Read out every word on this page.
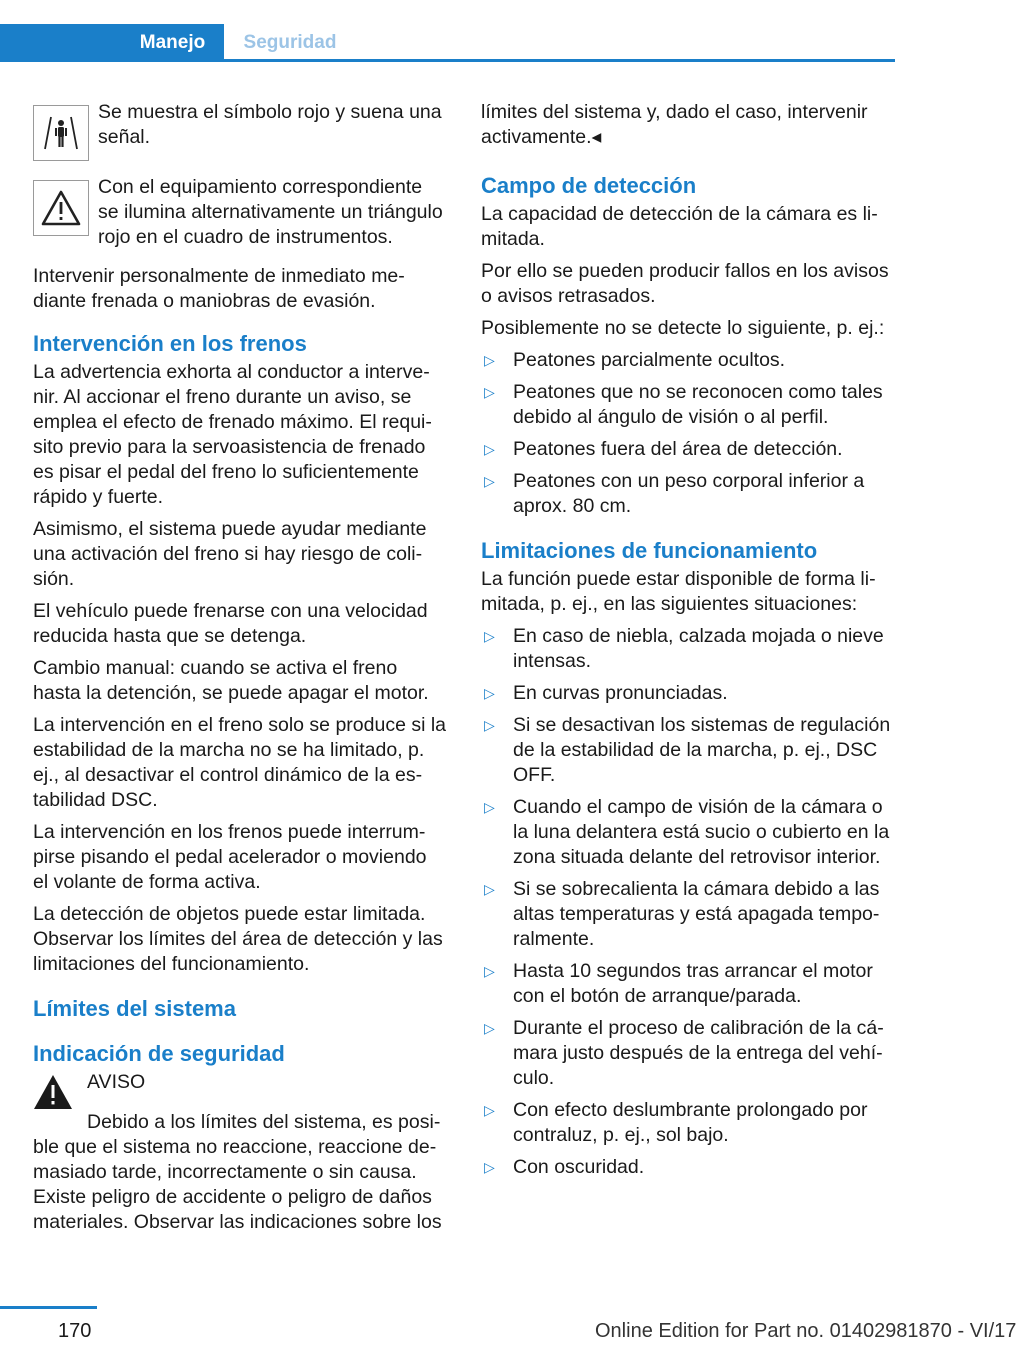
Manejo	Seguridad
Se muestra el símbolo rojo y suena una señal.
Con el equipamiento correspondiente se ilumina alternativamente un triángulo rojo en el cuadro de instrumentos.

Intervenir personalmente de inmediato mediante frenada o maniobras de evasión.

Intervención en los frenos

La advertencia exhorta al conductor a intervenir. Al accionar el freno durante un aviso, se emplea el efecto de frenado máximo. El requisito previo para la servoasistencia de frenado es pisar el pedal del freno lo suficientemente rápido y fuerte.

Asimismo, el sistema puede ayudar mediante una activación del freno si hay riesgo de colisión.

El vehículo puede frenarse con una velocidad reducida hasta que se detenga.

Cambio manual: cuando se activa el freno hasta la detención, se puede apagar el motor.

La intervención en el freno solo se produce si la estabilidad de la marcha no se ha limitado, p. ej., al desactivar el control dinámico de la estabilidad DSC.

La intervención en los frenos puede interrumpirse pisando el pedal acelerador o moviendo el volante de forma activa.

La detección de objetos puede estar limitada. Observar los límites del área de detección y las limitaciones del funcionamiento.

Límites del sistema
Indicación de seguridad
AVISO

Debido a los límites del sistema, es posible que el sistema no reaccione, reaccione demasiado tarde, incorrectamente o sin causa. Existe peligro de accidente o peligro de daños materiales. Observar las indicaciones sobre los

límites del sistema y, dado el caso, intervenir activamente.◂

Campo de detección

La capacidad de detección de la cámara es limitada.

Por ello se pueden producir fallos en los avisos o avisos retrasados.

Posiblemente no se detecte lo siguiente, p. ej.:

▷ Peatones parcialmente ocultos.
▷ Peatones que no se reconocen como tales debido al ángulo de visión o al perfil.
▷ Peatones fuera del área de detección.
▷ Peatones con un peso corporal inferior a aprox. 80 cm.
Limitaciones de funcionamiento

La función puede estar disponible de forma limitada, p. ej., en las siguientes situaciones:

▷ En caso de niebla, calzada mojada o nieve intensas.
▷ En curvas pronunciadas.
▷ Si se desactivan los sistemas de regulación de la estabilidad de la marcha, p. ej., DSC OFF.
▷ Cuando el campo de visión de la cámara o la luna delantera está sucio o cubierto en la zona situada delante del retrovisor interior.
▷ Si se sobrecalienta la cámara debido a las altas temperaturas y está apagada temporalmente.
▷ Hasta 10 segundos tras arrancar el motor con el botón de arranque/parada.
▷ Durante el proceso de calibración de la cámara justo después de la entrega del vehículo.
▷ Con efecto deslumbrante prolongado por contraluz, p. ej., sol bajo.
▷ Con oscuridad.
170	Online Edition for Part no. 01402981870 - VI/17
